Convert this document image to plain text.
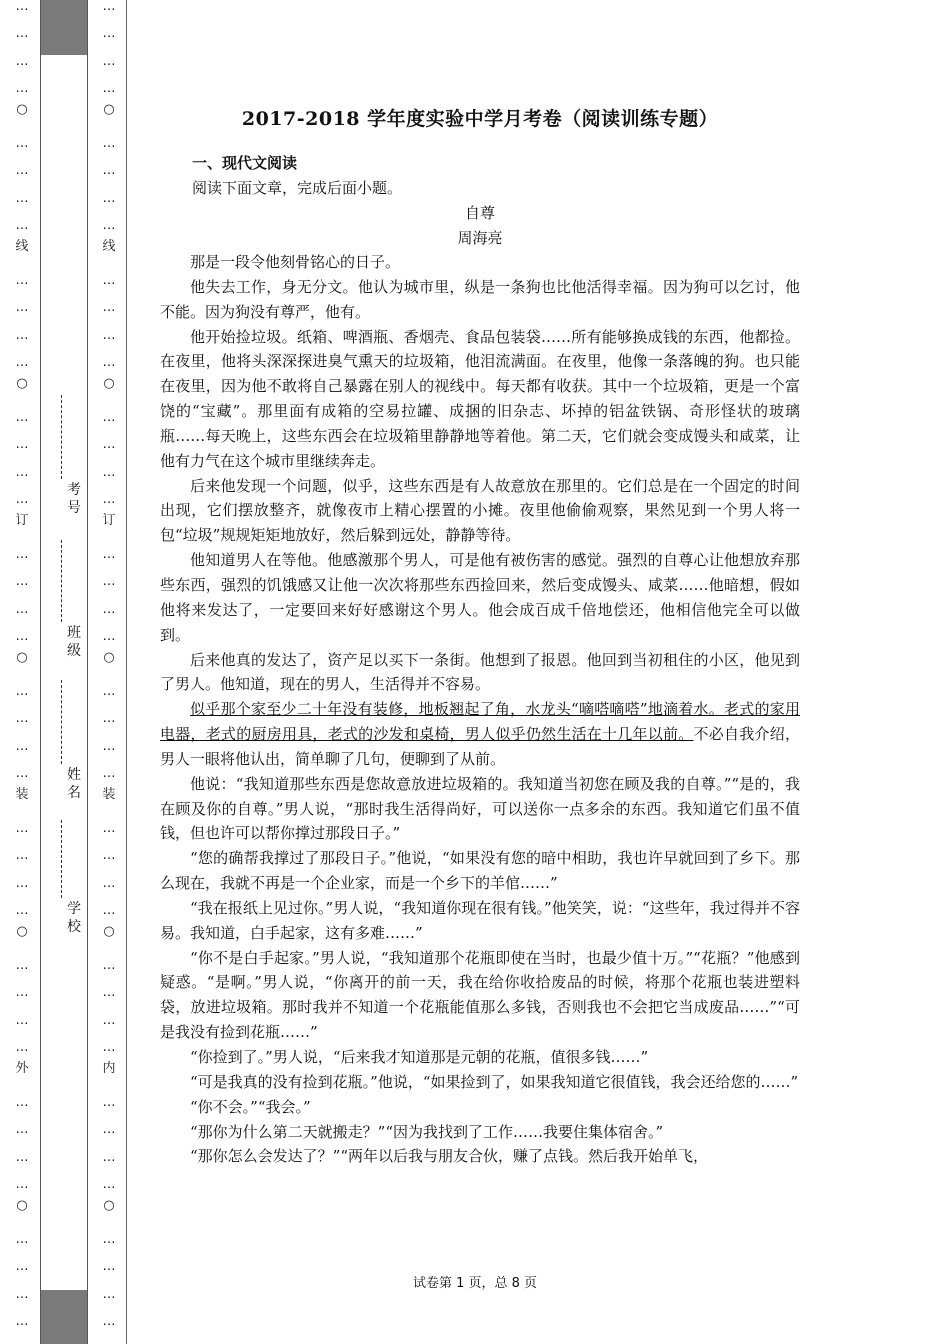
○
○
○
○
○
线
订
装
外
…
…
…
…
…
…
…
…
…
…
…
…
…
…
…
…
…
…
…
…
…
…
…
…
…
…
…
…
…
…
…
…
…
…
…
…
…
…
…
…
考号
班级
姓名
学校
○
○
○
○
○
线
订
装
内
…
…
…
…
…
…
…
…
…
…
…
…
…
…
…
…
…
…
…
…
…
…
…
…
…
…
…
…
…
…
…
…
…
…
…
…
…
…
…
…
2017-2018 学年度实验中学月考卷（阅读训练专题）
一、现代文阅读
阅读下面文章，完成后面小题。
自尊
周海亮

那是一段令他刻骨铭心的日子。

他失去工作，身无分文。他认为城市里，纵是一条狗也比他活得幸福。因为狗可以乞讨，他不能。因为狗没有尊严，他有。

他开始捡垃圾。纸箱、啤酒瓶、香烟壳、食品包装袋……所有能够换成钱的东西，他都捡。在夜里，他将头深深探进臭气熏天的垃圾箱，他泪流满面。在夜里，他像一条落魄的狗。也只能在夜里，因为他不敢将自己暴露在别人的视线中。每天都有收获。其中一个垃圾箱，更是一个富饶的“宝藏”。那里面有成箱的空易拉罐、成捆的旧杂志、坏掉的铝盆铁锅、奇形怪状的玻璃瓶……每天晚上，这些东西会在垃圾箱里静静地等着他。第二天，它们就会变成馒头和咸菜，让他有力气在这个城市里继续奔走。

后来他发现一个问题，似乎，这些东西是有人故意放在那里的。它们总是在一个固定的时间出现，它们摆放整齐，就像夜市上精心摆置的小摊。夜里他偷偷观察，果然见到一个男人将一包“垃圾”规规矩矩地放好，然后躲到远处，静静等待。

他知道男人在等他。他感激那个男人，可是他有被伤害的感觉。强烈的自尊心让他想放弃那些东西，强烈的饥饿感又让他一次次将那些东西捡回来，然后变成馒头、咸菜……他暗想，假如他将来发达了，一定要回来好好感谢这个男人。他会成百成千倍地偿还，他相信他完全可以做到。

后来他真的发达了，资产足以买下一条街。他想到了报恩。他回到当初租住的小区，他见到了男人。他知道，现在的男人，生活得并不容易。

似乎那个家至少二十年没有装修，地板翘起了角，水龙头“嘀嗒嘀嗒”地滴着水。老式的家用电器，老式的厨房用具，老式的沙发和桌椅，男人似乎仍然生活在十几年以前。不必自我介绍，男人一眼将他认出，简单聊了几句，便聊到了从前。

他说：“我知道那些东西是您故意放进垃圾箱的。我知道当初您在顾及我的自尊。”“是的，我在顾及你的自尊。”男人说，“那时我生活得尚好，可以送你一点多余的东西。我知道它们虽不值钱，但也许可以帮你撑过那段日子。”

“您的确帮我撑过了那段日子。”他说，“如果没有您的暗中相助，我也许早就回到了乡下。那么现在，我就不再是一个企业家，而是一个乡下的羊倌……”

“我在报纸上见过你。”男人说，“我知道你现在很有钱。”他笑笑，说：“这些年，我过得并不容易。我知道，白手起家，这有多难……”

“你不是白手起家。”男人说，“我知道那个花瓶即使在当时，也最少值十万。”“花瓶？”他感到疑惑。“是啊。”男人说，“你离开的前一天，我在给你收拾废品的时候，将那个花瓶也装进塑料袋，放进垃圾箱。那时我并不知道一个花瓶能值那么多钱，否则我也不会把它当成废品……”“可是我没有捡到花瓶……”

“你捡到了。”男人说，“后来我才知道那是元朝的花瓶，值很多钱……”

“可是我真的没有捡到花瓶。”他说，“如果捡到了，如果我知道它很值钱，我会还给您的……”

“你不会。”“我会。”

“那你为什么第二天就搬走？”“因为我找到了工作……我要住集体宿舍。”

“那你怎么会发达了？”“两年以后我与朋友合伙，赚了点钱。然后我开始单飞，

试卷第 1 页，总 8 页
